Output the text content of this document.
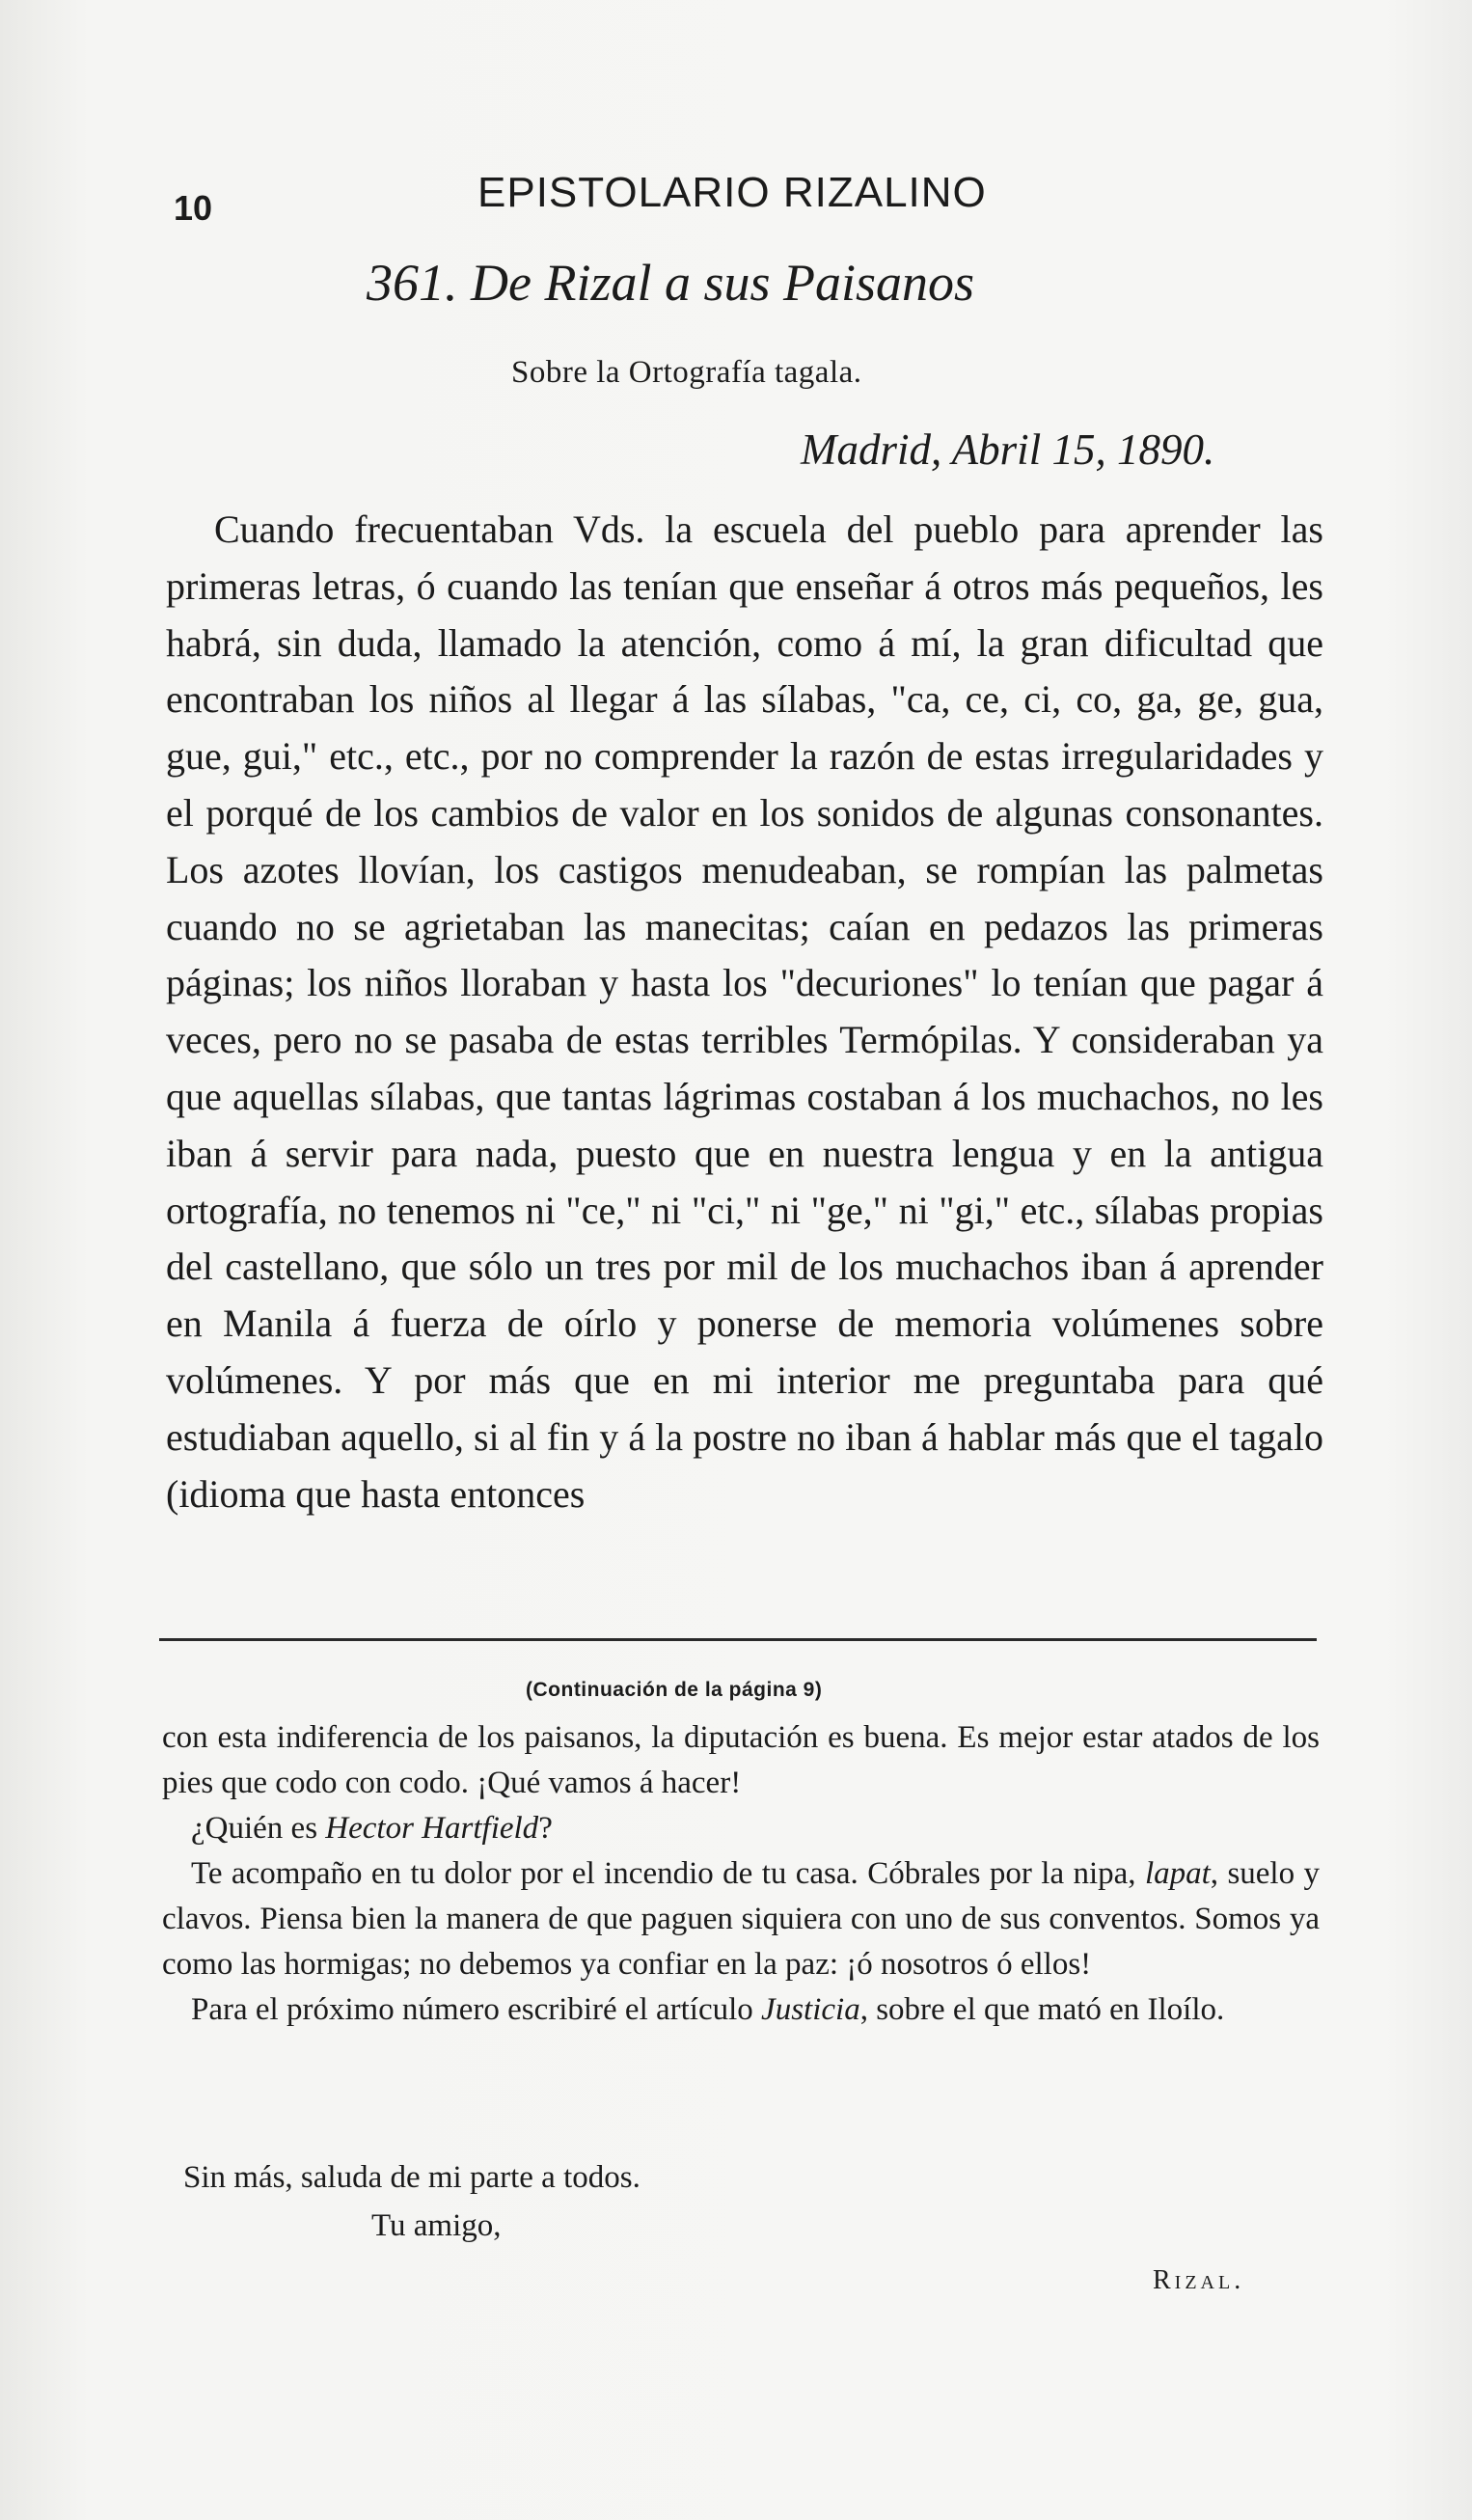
10	EPISTOLARIO RIZALINO
361. De Rizal a sus Paisanos
Sobre la Ortografía tagala.
Madrid, Abril 15, 1890.

Cuando frecuentaban Vds. la escuela del pueblo para aprender las primeras letras, ó cuando las tenían que enseñar á otros más pequeños, les habrá, sin duda, llamado la atención, como á mí, la gran dificultad que encontraban los niños al llegar á las sílabas, "ca, ce, ci, co, ga, ge, gua, gue, gui," etc., etc., por no comprender la razón de estas irregularidades y el porqué de los cambios de valor en los sonidos de algunas consonantes. Los azotes llovían, los castigos menudeaban, se rompían las palmetas cuando no se agrietaban las manecitas; caían en pedazos las primeras páginas; los niños lloraban y hasta los "decuriones" lo tenían que pagar á veces, pero no se pasaba de estas terribles Termópilas. Y consideraban ya que aquellas sílabas, que tantas lágrimas costaban á los muchachos, no les iban á servir para nada, puesto que en nuestra lengua y en la antigua ortografía, no tenemos ni "ce," ni "ci," ni "ge," ni "gi," etc., sílabas propias del castellano, que sólo un tres por mil de los muchachos iban á aprender en Manila á fuerza de oírlo y ponerse de memoria volúmenes sobre volúmenes. Y por más que en mi interior me preguntaba para qué estudiaban aquello, si al fin y á la postre no iban á hablar más que el tagalo (idioma que hasta entonces

(Continuación de la página 9)

con esta indiferencia de los paisanos, la diputación es buena. Es mejor estar atados de los pies que codo con codo. ¡Qué vamos á hacer!

¿Quién es Hector Hartfield?

Te acompaño en tu dolor por el incendio de tu casa. Cóbrales por la nipa, lapat, suelo y clavos. Piensa bien la manera de que paguen siquiera con uno de sus conventos. Somos ya como las hormigas; no debemos ya confiar en la paz: ¡ó nosotros ó ellos!

Para el próximo número escribiré el artículo Justicia, sobre el que mató en Iloílo.

Sin más, saluda de mi parte a todos.
Tu amigo,
Rizal.
